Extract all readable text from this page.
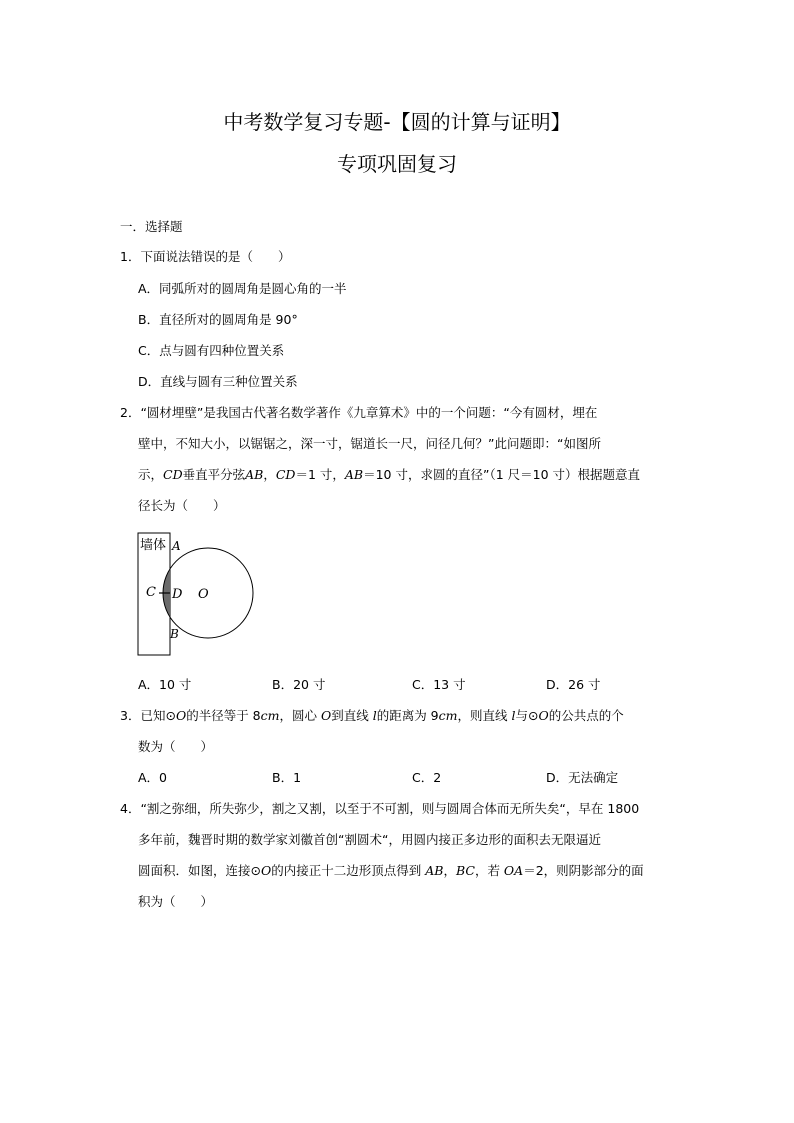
中考数学复习专题-【圆的计算与证明】
专项巩固复习
一．选择题
1．下面说法错误的是（　　）
A．同弧所对的圆周角是圆心角的一半
B．直径所对的圆周角是 90°
C．点与圆有四种位置关系
D．直线与圆有三种位置关系
2．“圆材埋壁”是我国古代著名数学著作《九章算术》中的一个问题：“今有圆材，埋在
壁中，不知大小，以锯锯之，深一寸，锯道长一尺，问径几何？”此问题即：“如图所
示，CD垂直平分弦AB，CD＝1 寸，AB＝10 寸，求圆的直径”（1 尺＝10 寸）根据题意直
径长为（　　）
墙体 A
B
C D O
A．10 寸	B．20 寸	C．13 寸	D．26 寸
3．已知⊙O的半径等于 8cm，圆心 O到直线 l的距离为 9cm，则直线 l与⊙O的公共点的个
数为（　　）
A．0	B．1	C．2	D．无法确定
4．“割之弥细，所失弥少，割之又割，以至于不可割，则与圆周合体而无所失矣“，早在 1800
多年前，魏晋时期的数学家刘徽首创“割圆术“，用圆内接正多边形的面积去无限逼近
圆面积．如图，连接⊙O的内接正十二边形顶点得到 AB，BC，若 OA＝2，则阴影部分的面
积为（　　）
